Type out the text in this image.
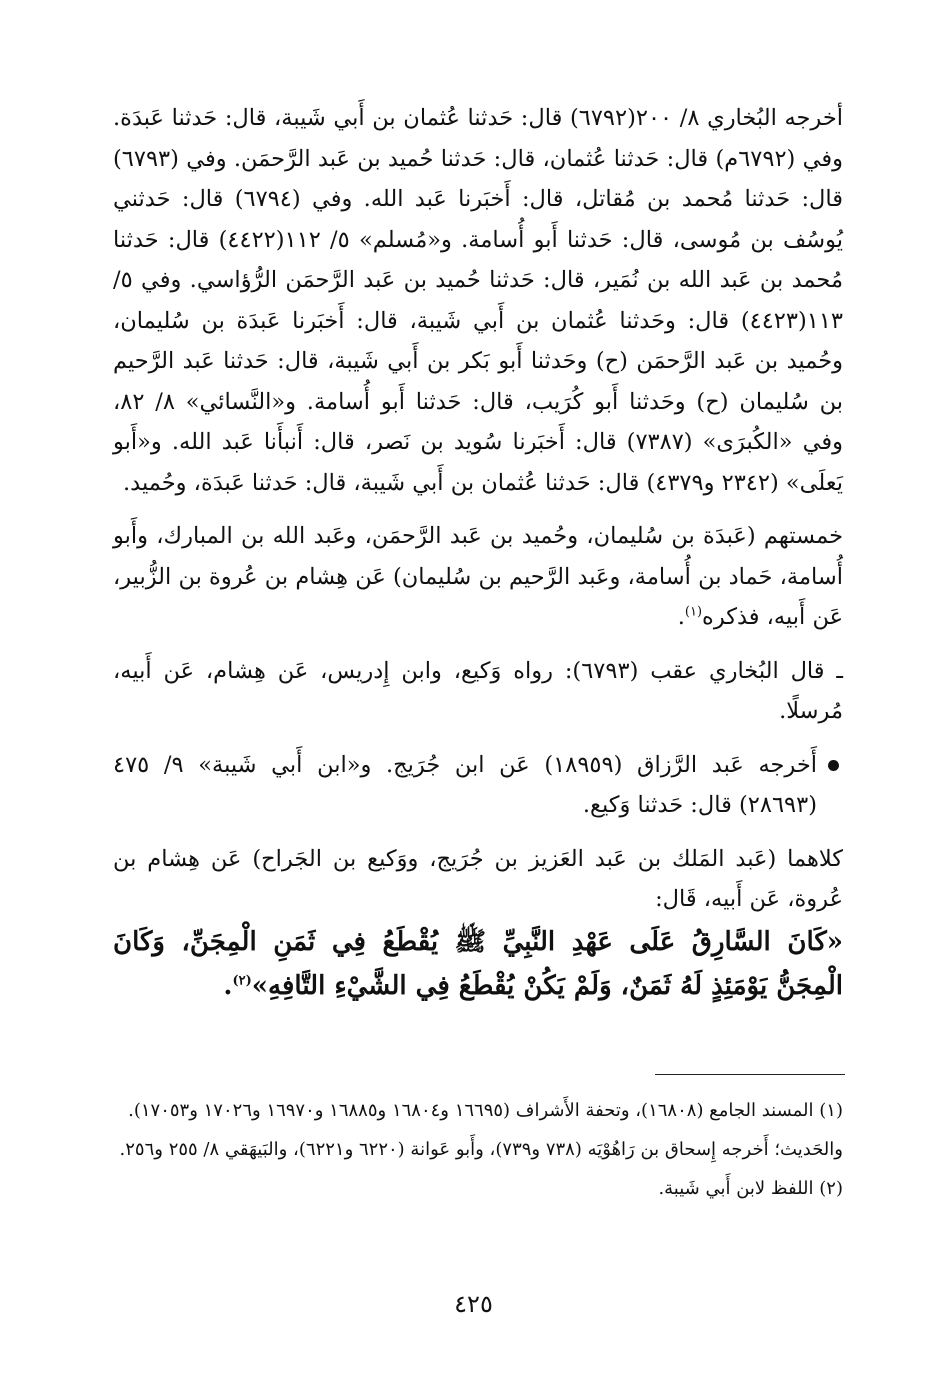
أخرجه البُخاري ٨/ ٢٠٠(٦٧٩٢) قال: حَدثنا عُثمان بن أَبي شَيبة، قال: حَدثنا عَبدَة. وفي (٦٧٩٢م) قال: حَدثنا عُثمان، قال: حَدثنا حُميد بن عَبد الرَّحمَن. وفي (٦٧٩٣) قال: حَدثنا مُحمد بن مُقاتل، قال: أَخبَرنا عَبد الله. وفي (٦٧٩٤) قال: حَدثني يُوسُف بن مُوسى، قال: حَدثنا أَبو أُسامة. و«مُسلم» ٥/ ١١٢(٤٤٢٢) قال: حَدثنا مُحمد بن عَبد الله بن نُمَير، قال: حَدثنا حُميد بن عَبد الرَّحمَن الرُّؤاسي. وفي ٥/ ١١٣(٤٤٢٣) قال: وحَدثنا عُثمان بن أَبي شَيبة، قال: أَخبَرنا عَبدَة بن سُليمان، وحُميد بن عَبد الرَّحمَن (ح) وحَدثنا أَبو بَكر بن أَبي شَيبة، قال: حَدثنا عَبد الرَّحيم بن سُليمان (ح) وحَدثنا أَبو كُرَيب، قال: حَدثنا أَبو أُسامة. و«النَّسائي» ٨/ ٨٢، وفي «الكُبرَى» (٧٣٨٧) قال: أَخبَرنا سُويد بن نَصر، قال: أَنبأَنا عَبد الله. و«أَبو يَعلَى» (٢٣٤٢ و٤٣٧٩) قال: حَدثنا عُثمان بن أَبي شَيبة، قال: حَدثنا عَبدَة، وحُميد.

خمستهم (عَبدَة بن سُليمان، وحُميد بن عَبد الرَّحمَن، وعَبد الله بن المبارك، وأَبو أُسامة، حَماد بن أُسامة، وعَبد الرَّحيم بن سُليمان) عَن هِشام بن عُروة بن الزُّبير، عَن أَبيه، فذكره$^{(١)}$.

ـ قال البُخاري عقب (٦٧٩٣): رواه وَكيع، وابن إِدريس، عَن هِشام، عَن أَبيه، مُرسلًا.

أَخرجه عَبد الرَّزاق (١٨٩٥٩) عَن ابن جُرَيج. و«ابن أَبي شَيبة» ٩/ ٤٧٥ (٢٨٦٩٣) قال: حَدثنا وَكيع.

كلاهما (عَبد المَلك بن عَبد العَزيز بن جُرَيج، ووَكيع بن الجَراح) عَن هِشام بن عُروة، عَن أَبيه، قَال:

«كَانَ السَّارِقُ عَلَى عَهْدِ النَّبِيِّ ﷺ يُقْطَعُ فِي ثَمَنِ الْمِجَنِّ، وَكَانَ الْمِجَنُّ يَوْمَئِذٍ لَهُ ثَمَنٌ، وَلَمْ يَكُنْ يُقْطَعُ فِي الشَّيْءِ التَّافِهِ»$^{(٢)}$.

(١) المسند الجامع (١٦٨٠٨)، وتحفة الأَشراف (١٦٦٩٥ و١٦٨٠٤ و١٦٨٨٥ و١٦٩٧٠ و١٧٠٢٦ و١٧٠٥٣).

والحَديث؛ أَخرجه إِسحاق بن رَاهُوْيَه (٧٣٨ و٧٣٩)، وأَبو عَوانة (٦٢٢٠ و٦٢٢١)، والبَيهَقي ٨/ ٢٥٥ و٢٥٦.

(٢) اللفظ لابن أَبي شَيبة.

٤٢٥
